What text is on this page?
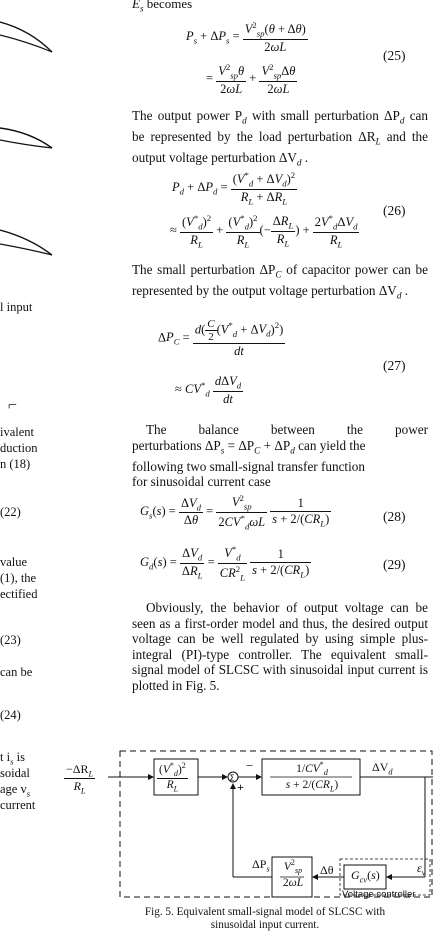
l input
⌐
ivalent
duction
n (18)
(22)
value
(1), the
ectified
(23)
can be
(24)
t $i_s$ is
soidal
age $v_s$
current
$E_s$ becomes
$P_s + \Delta P_s = \frac{V^2_{sp}(\theta + \Delta\theta)}{2\omega L}$
= $\frac{V^2_{sp}\theta}{2\omega L} + \frac{V^2_{sp}\Delta\theta}{2\omega L}$
(25)
The output power $P_d$ with small perturbation $\Delta P_d$ can be represented by the load perturbation $\Delta R_L$ and the output voltage perturbation $\Delta V_d$ .
$P_d + \Delta P_d = \frac{(V^*_d + \Delta V_d)^2}{R_L + \Delta R_L}$
≈ $\frac{(V^*_d)^2}{R_L} + \frac{(V^*_d)^2}{R_L}$ (− $\frac{\Delta R_L}{R_L}$ ) + $\frac{2V^*_d\Delta V_d}{R_L}$
(26)
The small perturbation $\Delta P_C$ of capacitor power can be represented by the output voltage perturbation $\Delta V_d$ .
$\Delta P_C = \frac{d( \frac{C}{2} (V^*_d + \Delta V_d)^2)}{dt}$
≈ $CV^*_d \frac{d\Delta V_d}{dt}$
(27)
The balance between the power
perturbations $\Delta P_s = \Delta P_C + \Delta P_d$ can yield the
following two small-signal transfer function
for sinusoidal current case
$G_s(s) = \frac{\Delta V_d}{\Delta\theta} = \frac{V^2_{sp}}{2CV^*_d\omega L}$
$\frac{1}{s + 2/(CR_L)}$	(28)
$G_d(s) = \frac{\Delta V_d}{\Delta R_L} = \frac{V^*_d}{CR^2_L}$
$\frac{1}{s + 2/(CR_L)}$	(29)
Obviously, the behavior of output voltage can be seen as a first-order model and thus, the desired output voltage can be well regulated by using simple plus-integral (PI)-type controller. The equivalent small-signal model of SLCSC with sinusoidal input current is plotted in Fig. 5.
Σ
$\frac{-\Delta R_L}{R_L}$	$\frac{(V^*_d)^2}{R_L}$	−
+
$1/CV^*_d$
$s + 2/(CR_L)$
$\Delta V_d$
$\Delta P_s$	$V^2_{sp}$
2ωL
Δθ $G_{cv}(s)$	$\varepsilon_v$
Voltage controller
Fig. 5. Equivalent small-signal model of SLCSC with
sinusoidal input current.
